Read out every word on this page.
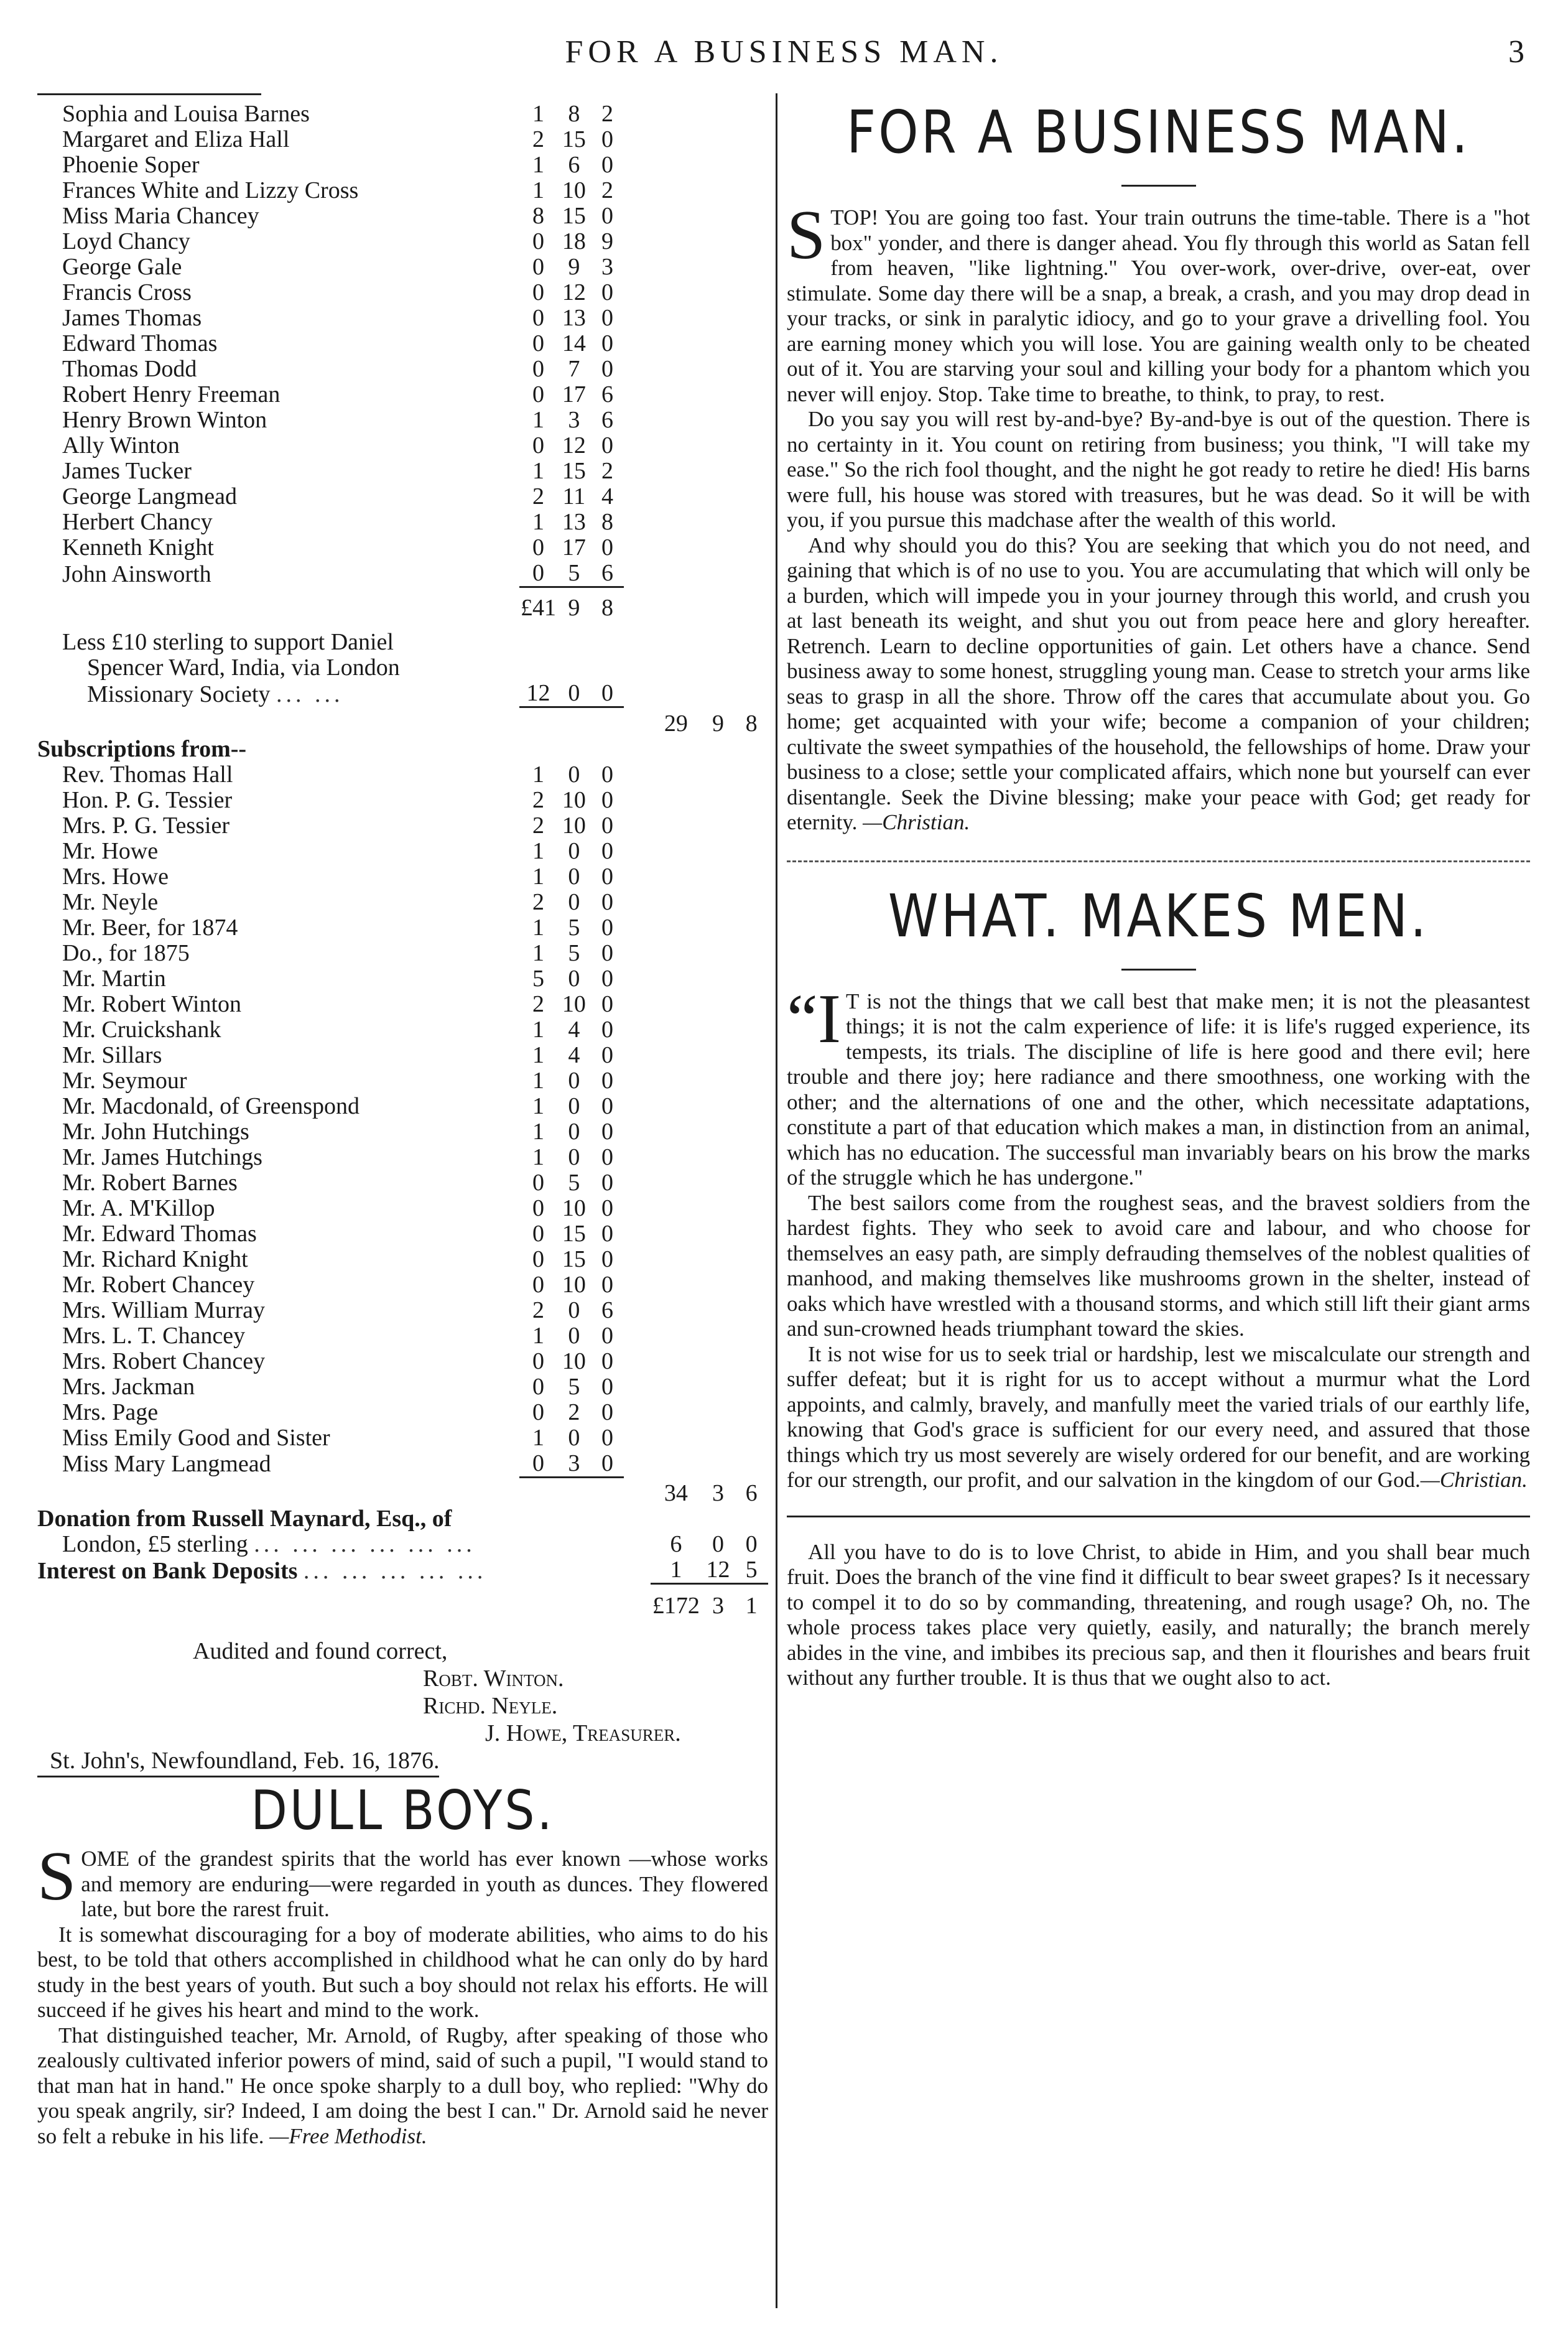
FOR A BUSINESS MAN.	3
Sophia and Louisa Barnes	1	8	2				
Margaret and Eliza Hall	2	15	0				
Phoenie Soper	1	6	0				
Frances White and Lizzy Cross	1	10	2				
Miss Maria Chancey	8	15	0				
Loyd Chancy	0	18	9				
George Gale	0	9	3				
Francis Cross	0	12	0				
James Thomas	0	13	0				
Edward Thomas	0	14	0				
Thomas Dodd	0	7	0				
Robert Henry Freeman	0	17	6				
Henry Brown Winton	1	3	6				
Ally Winton	0	12	0				
James Tucker	1	15	2				
George Langmead	2	11	4				
Herbert Chancy	1	13	8				
Kenneth Knight	0	17	0				
John Ainsworth	0	5	6				
	£41	9	8				
Less £10 sterling to support Daniel							
Spencer Ward, India, via London							
Missionary Society ... ...	12	0	0				
					29	9	8
Subscriptions from--							
Rev. Thomas Hall	1	0	0				
Hon. P. G. Tessier	2	10	0				
Mrs. P. G. Tessier	2	10	0				
Mr. Howe	1	0	0				
Mrs. Howe	1	0	0				
Mr. Neyle	2	0	0				
Mr. Beer, for 1874	1	5	0				
Do., for 1875	1	5	0				
Mr. Martin	5	0	0				
Mr. Robert Winton	2	10	0				
Mr. Cruickshank	1	4	0				
Mr. Sillars	1	4	0				
Mr. Seymour	1	0	0				
Mr. Macdonald, of Greenspond	1	0	0				
Mr. John Hutchings	1	0	0				
Mr. James Hutchings	1	0	0				
Mr. Robert Barnes	0	5	0				
Mr. A. M'Killop	0	10	0				
Mr. Edward Thomas	0	15	0				
Mr. Richard Knight	0	15	0				
Mr. Robert Chancey	0	10	0				
Mrs. William Murray	2	0	6				
Mrs. L. T. Chancey	1	0	0				
Mrs. Robert Chancey	0	10	0				
Mrs. Jackman	0	5	0				
Mrs. Page	0	2	0				
Miss Emily Good and Sister	1	0	0				
Miss Mary Langmead	0	3	0				
					34	3	6
Donation from Russell Maynard, Esq., of							
London, £5 sterling ... ... ... ... ... ...					6	0	0
Interest on Bank Deposits ... ... ... ... ...					1	12	5
					£172	3	1
Audited and found correct,
Robt. Winton.
Richd. Neyle.
J. Howe, Treasurer.
St. John's, Newfoundland, Feb. 16, 1876.
DULL BOYS.

SOME of the grandest spirits that the world has ever known —whose works and memory are enduring—were regarded in youth as dunces. They flowered late, but bore the rarest fruit.

It is somewhat discouraging for a boy of moderate abilities, who aims to do his best, to be told that others accomplished in childhood what he can only do by hard study in the best years of youth. But such a boy should not relax his efforts. He will succeed if he gives his heart and mind to the work.

That distinguished teacher, Mr. Arnold, of Rugby, after speaking of those who zealously cultivated inferior powers of mind, said of such a pupil, "I would stand to that man hat in hand." He once spoke sharply to a dull boy, who replied: "Why do you speak angrily, sir? Indeed, I am doing the best I can." Dr. Arnold said he never so felt a rebuke in his life. —Free Methodist.

FOR A BUSINESS MAN.

STOP! You are going too fast. Your train outruns the time-table. There is a "hot box" yonder, and there is danger ahead. You fly through this world as Satan fell from heaven, "like lightning." You over-work, over-drive, over-eat, over stimulate. Some day there will be a snap, a break, a crash, and you may drop dead in your tracks, or sink in paralytic idiocy, and go to your grave a drivelling fool. You are earning money which you will lose. You are gaining wealth only to be cheated out of it. You are starving your soul and killing your body for a phantom which you never will enjoy. Stop. Take time to breathe, to think, to pray, to rest.

Do you say you will rest by-and-bye? By-and-bye is out of the question. There is no certainty in it. You count on retiring from business; you think, "I will take my ease." So the rich fool thought, and the night he got ready to retire he died! His barns were full, his house was stored with treasures, but he was dead. So it will be with you, if you pursue this madchase after the wealth of this world.

And why should you do this? You are seeking that which you do not need, and gaining that which is of no use to you. You are accumulating that which will only be a burden, which will impede you in your journey through this world, and crush you at last beneath its weight, and shut you out from peace here and glory hereafter. Retrench. Learn to decline opportunities of gain. Let others have a chance. Send business away to some honest, struggling young man. Cease to stretch your arms like seas to grasp in all the shore. Throw off the cares that accumulate about you. Go home; get acquainted with your wife; become a companion of your children; cultivate the sweet sympathies of the household, the fellowships of home. Draw your business to a close; settle your complicated affairs, which none but yourself can ever disentangle. Seek the Divine blessing; make your peace with God; get ready for eternity. —Christian.

WHAT. MAKES MEN.

“I T is not the things that we call best that make men; it is not the pleasantest things; it is not the calm experience of life: it is life's rugged experience, its tempests, its trials. The discipline of life is here good and there evil; here trouble and there joy; here radiance and there smoothness, one working with the other; and the alternations of one and the other, which necessitate adaptations, constitute a part of that education which makes a man, in distinction from an animal, which has no education. The successful man invariably bears on his brow the marks of the struggle which he has undergone."

The best sailors come from the roughest seas, and the bravest soldiers from the hardest fights. They who seek to avoid care and labour, and who choose for themselves an easy path, are simply defrauding themselves of the noblest qualities of manhood, and making themselves like mushrooms grown in the shelter, instead of oaks which have wrestled with a thousand storms, and which still lift their giant arms and sun-crowned heads triumphant toward the skies.

It is not wise for us to seek trial or hardship, lest we miscalculate our strength and suffer defeat; but it is right for us to accept without a murmur what the Lord appoints, and calmly, bravely, and manfully meet the varied trials of our earthly life, knowing that God's grace is sufficient for our every need, and assured that those things which try us most severely are wisely ordered for our benefit, and are working for our strength, our profit, and our salvation in the kingdom of our God.—Christian.

All you have to do is to love Christ, to abide in Him, and you shall bear much fruit. Does the branch of the vine find it difficult to bear sweet grapes? Is it necessary to compel it to do so by commanding, threatening, and rough usage? Oh, no. The whole process takes place very quietly, easily, and naturally; the branch merely abides in the vine, and imbibes its precious sap, and then it flourishes and bears fruit without any further trouble. It is thus that we ought also to act.
